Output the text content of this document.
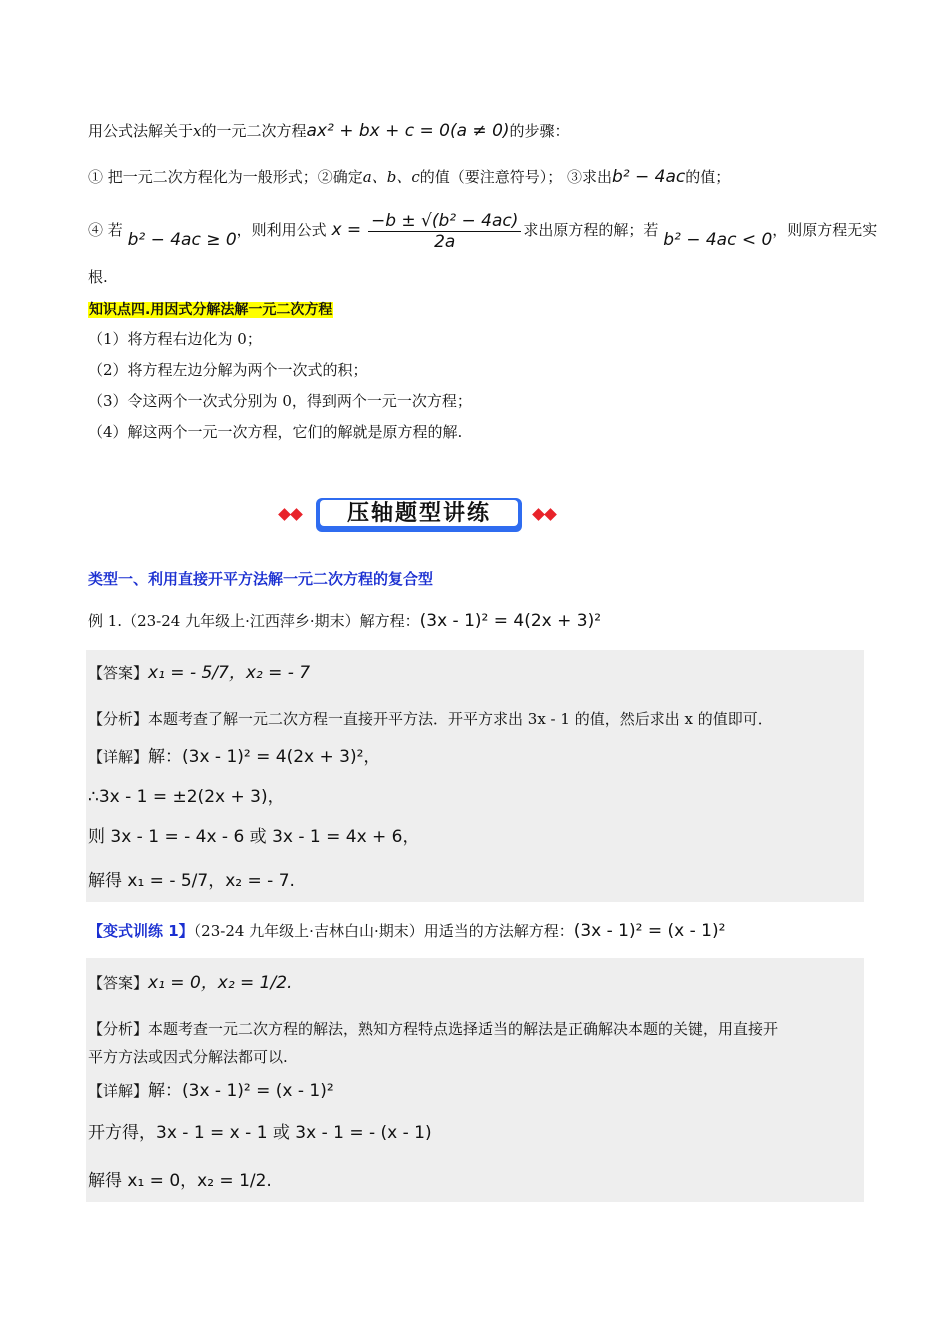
用公式法解关于x的一元二次方程ax² + bx + c = 0(a ≠ 0)的步骤：
① 把一元二次方程化为一般形式；②确定a、b、c的值（要注意符号）； ③求出b² − 4ac的值；
④ 若 b² − 4ac ≥ 0，则利用公式 $x = \frac{\text{−b ± √(b² − 4ac)}}{2a}$ 求出原方程的解；若 b² − 4ac < 0，则原方程无实
根.
知识点四.用因式分解法解一元二次方程
（1）将方程右边化为 0；
（2）将方程左边分解为两个一次式的积；
（3）令这两个一次式分别为 0，得到两个一元一次方程；
（4）解这两个一元一次方程，它们的解就是原方程的解.
压轴题型讲练
类型一、利用直接开平方法解一元二次方程的复合型
例 1.（23-24 九年级上·江西萍乡·期末）解方程：(3x - 1)² = 4(2x + 3)²
【答案】x₁ = - 5/7，x₂ = - 7
【分析】本题考查了解一元二次方程一直接开平方法．开平方求出 3x - 1 的值，然后求出 x 的值即可．
【详解】解：(3x - 1)² = 4(2x + 3)²，
∴3x - 1 = ±2(2x + 3)，
则 3x - 1 = - 4x - 6 或 3x - 1 = 4x + 6，
解得 x₁ = - 5/7，x₂ = - 7.
【变式训练 1】（23-24 九年级上·吉林白山·期末）用适当的方法解方程：(3x - 1)² = (x - 1)²
【答案】x₁ = 0，x₂ = 1/2.
【分析】本题考查一元二次方程的解法，熟知方程特点选择适当的解法是正确解决本题的关键，用直接开
平方方法或因式分解法都可以.
【详解】解：(3x - 1)² = (x - 1)²
开方得，3x - 1 = x - 1 或 3x - 1 = - (x - 1)
解得 x₁ = 0，x₂ = 1/2.
